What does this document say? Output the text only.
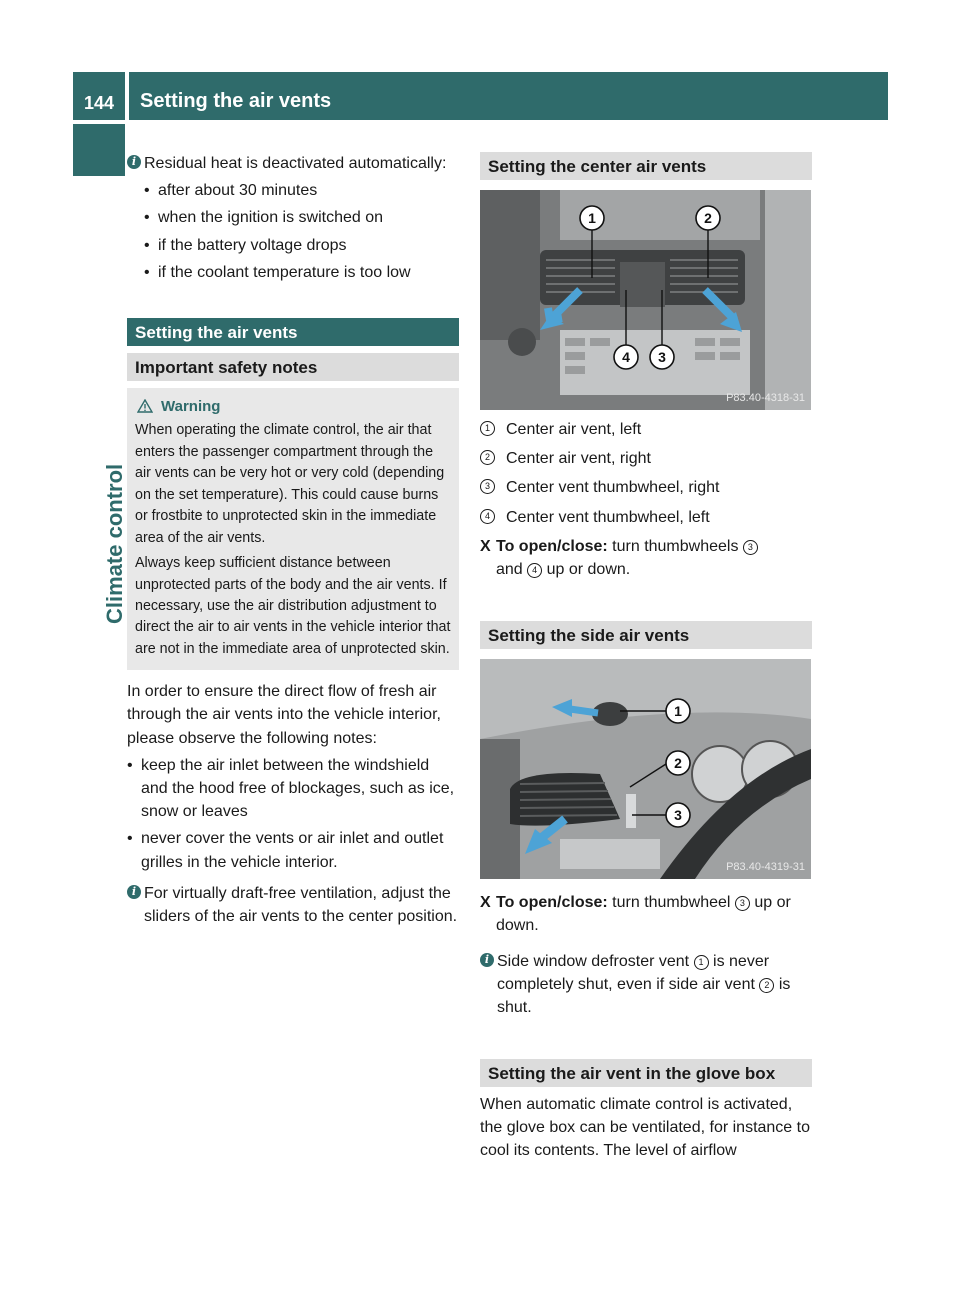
144	Setting the air vents
Climate control
i Residual heat is deactivated automatically:

• after about 30 minutes
• when the ignition is switched on
• if the battery voltage drops
• if the coolant temperature is too low
Setting the air vents
Important safety notes
Warning

When operating the climate control, the air that enters the passenger compartment through the air vents can be very hot or very cold (depending on the set temperature). This could cause burns or frostbite to unprotected skin in the immediate area of the air vents.

Always keep sufficient distance between unprotected parts of the body and the air vents. If necessary, use the air distribution adjustment to direct the air to air vents in the vehicle interior that are not in the immediate area of unprotected skin.

In order to ensure the direct flow of fresh air through the air vents into the vehicle interior, please observe the following notes:

• keep the air inlet between the windshield and the hood free of blockages, such as ice, snow or leaves
• never cover the vents or air inlet and outlet grilles in the vehicle interior.
i For virtually draft-free ventilation, adjust the sliders of the air vents to the center position.

Setting the center air vents
1	2
4 3
P83.40-4318-31
1	Center air vent, left
2	Center air vent, right
3	Center vent thumbwheel, right
4	Center vent thumbwheel, left
X To open/close: turn thumbwheels 3
and 4 up or down.
Setting the side air vents
1
2
3
P83.40-4319-31
X To open/close: turn thumbwheel 3 up or down.
i Side window defroster vent 1 is never completely shut, even if side air vent 2 is shut.

Setting the air vent in the glove box

When automatic climate control is activated, the glove box can be ventilated, for instance to cool its contents. The level of airflow
